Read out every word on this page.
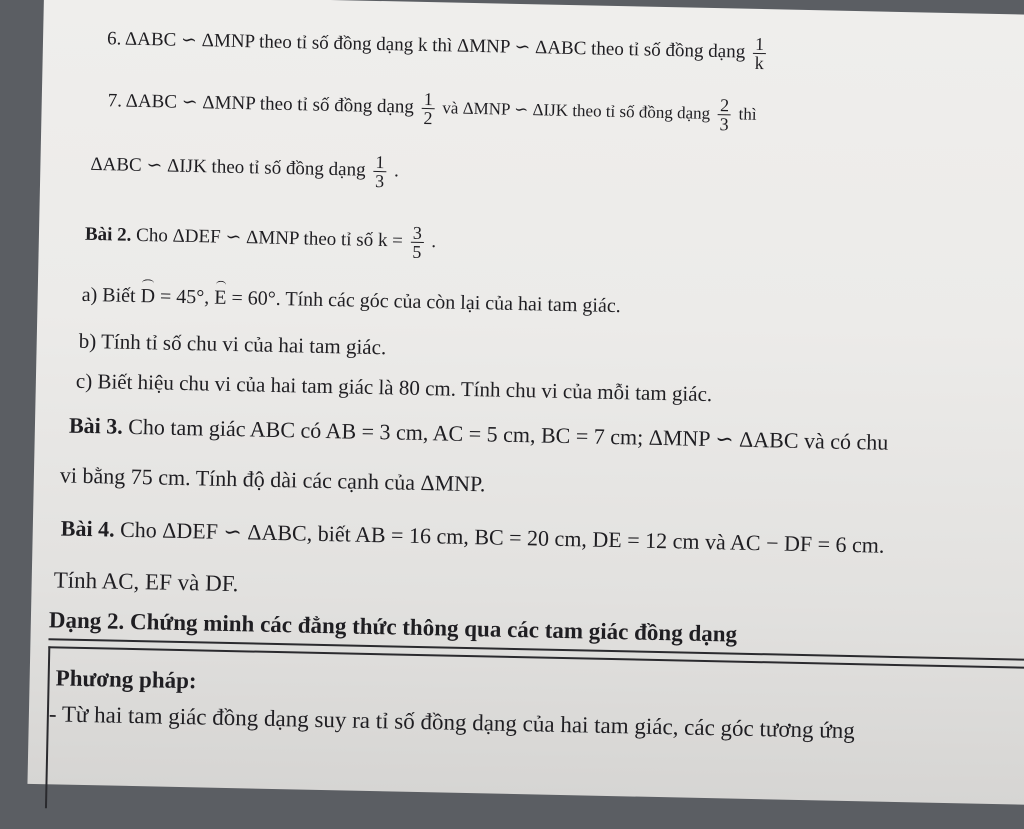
6. ΔABC ∽ ΔMNP theo tỉ số đồng dạng k thì ΔMNP ∽ ΔABC theo tỉ số đồng dạng $\frac{1}{k}$
7. ΔABC ∽ ΔMNP theo tỉ số đồng dạng $\frac{1}{2}$ và ΔMNP ∽ ΔIJK theo tỉ số đồng dạng $\frac{2}{3}$ thì
ΔABC ∽ ΔIJK theo tỉ số đồng dạng $\frac{1}{3}$ .
Bài 2. Cho ΔDEF ∽ ΔMNP theo tỉ số $k = \frac{3}{5}$ .
a) Biết D = 45°, E = 60°. Tính các góc của còn lại của hai tam giác.
b) Tính tỉ số chu vi của hai tam giác.
c) Biết hiệu chu vi của hai tam giác là 80 cm. Tính chu vi của mỗi tam giác.
Bài 3. Cho tam giác ABC có AB = 3 cm, AC = 5 cm, BC = 7 cm; ΔMNP ∽ ΔABC và có chu
vi bằng 75 cm. Tính độ dài các cạnh của ΔMNP.
Bài 4. Cho ΔDEF ∽ ΔABC, biết AB = 16 cm, BC = 20 cm, DE = 12 cm và AC − DF = 6 cm.
Tính AC, EF và DF.
Dạng 2. Chứng minh các đẳng thức thông qua các tam giác đồng dạng
Phương pháp:
- Từ hai tam giác đồng dạng suy ra tỉ số đồng dạng của hai tam giác, các góc tương ứng
